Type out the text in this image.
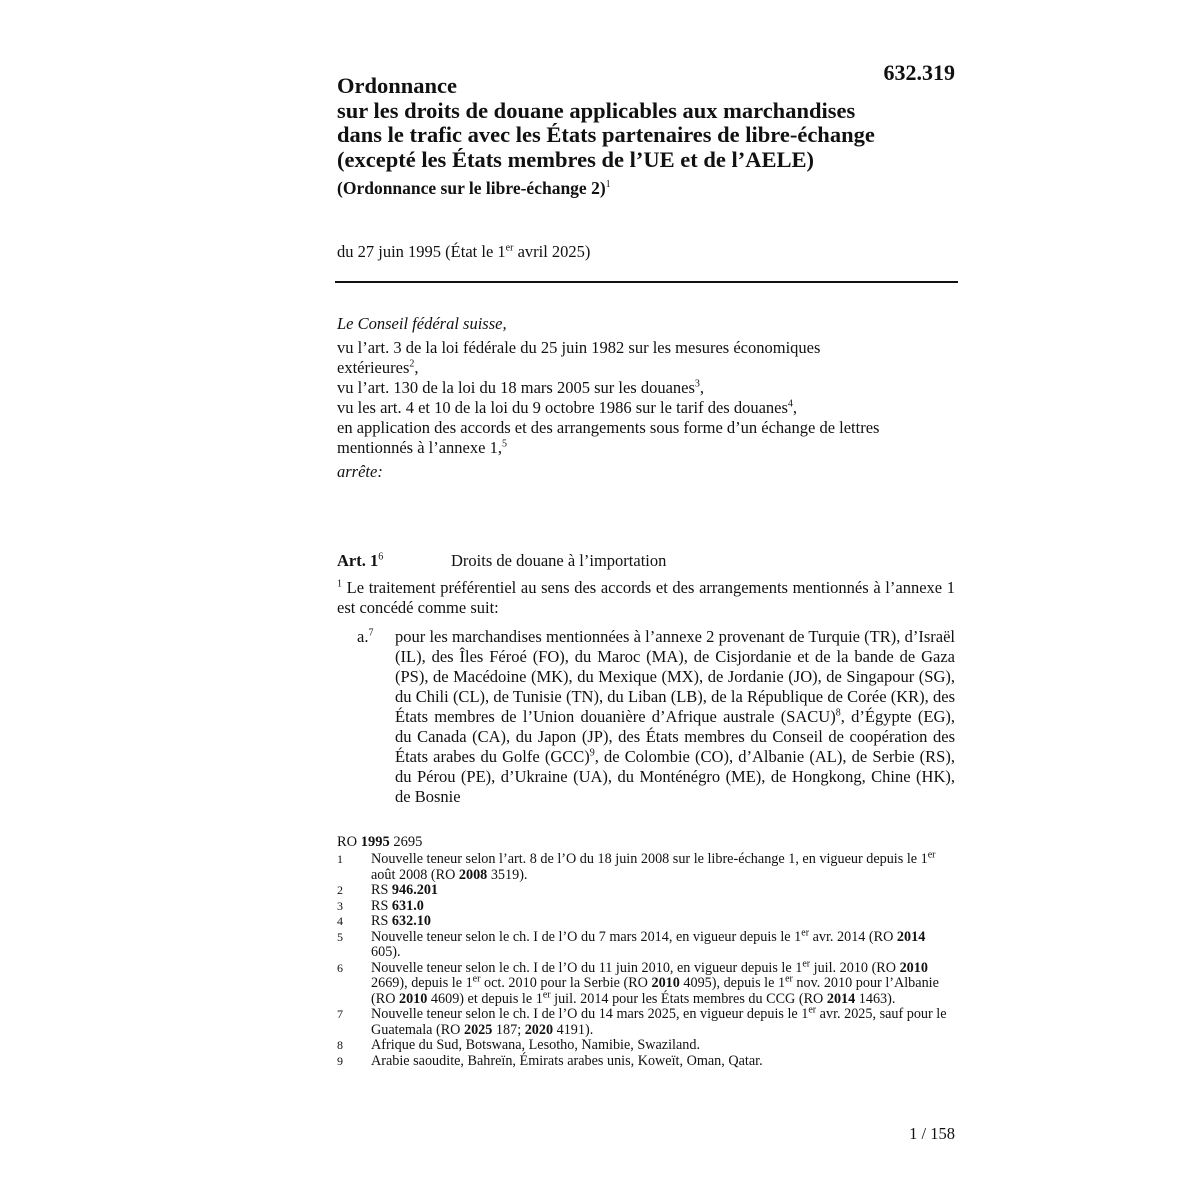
632.319
Ordonnance
sur les droits de douane applicables aux marchandises
dans le trafic avec les États partenaires de libre-échange
(excepté les États membres de l’UE et de l’AELE)
(Ordonnance sur le libre-échange 2)$^1$
du 27 juin 1995 (État le 1er avril 2025)
Le Conseil fédéral suisse,
vu l’art. 3 de la loi fédérale du 25 juin 1982 sur les mesures économiques
extérieures$^2$,
vu l’art. 130 de la loi du 18 mars 2005 sur les douanes$^3$,
vu les art. 4 et 10 de la loi du 9 octobre 1986 sur le tarif des douanes$^4$,
en application des accords et des arrangements sous forme d’un échange de lettres
mentionnés à l’annexe 1,$^5$
arrête:
Art. $1^6$	Droits de douane à l’importation
$^1$ Le traitement préférentiel au sens des accords et des arrangements mentionnés à l’annexe 1 est concédé comme suit:
a.$^7$	pour les marchandises mentionnées à l’annexe 2 provenant de Turquie (TR), d’Israël (IL), des Îles Féroé (FO), du Maroc (MA), de Cisjordanie et de la bande de Gaza (PS), de Macédoine (MK), du Mexique (MX), de Jordanie (JO), de Singapour (SG), du Chili (CL), de Tunisie (TN), du Liban (LB), de la République de Corée (KR), des États membres de l’Union douanière d’Afrique australe (SACU)$^8$, d’Égypte (EG), du Canada (CA), du Japon (JP), des États membres du Conseil de coopération des États arabes du Golfe (GCC)$^9$, de Colombie (CO), d’Albanie (AL), de Serbie (RS), du Pérou (PE), d’Ukraine (UA), du Monténégro (ME), de Hongkong, Chine (HK), de Bosnie
RO 1995 2695
1 Nouvelle teneur selon l’art. 8 de l’O du 18 juin 2008 sur le libre-échange 1, en vigueur depuis le 1er août 2008 (RO 2008 3519).
2 RS 946.201
3 RS 631.0
4 RS 632.10
5 Nouvelle teneur selon le ch. I de l’O du 7 mars 2014, en vigueur depuis le 1er avr. 2014 (RO 2014 605).
6 Nouvelle teneur selon le ch. I de l’O du 11 juin 2010, en vigueur depuis le 1er juil. 2010 (RO 2010 2669), depuis le 1er oct. 2010 pour la Serbie (RO 2010 4095), depuis le 1er nov. 2010 pour l’Albanie (RO 2010 4609) et depuis le 1er juil. 2014 pour les États membres du CCG (RO 2014 1463).
7 Nouvelle teneur selon le ch. I de l’O du 14 mars 2025, en vigueur depuis le 1er avr. 2025, sauf pour le Guatemala (RO 2025 187; 2020 4191).
8 Afrique du Sud, Botswana, Lesotho, Namibie, Swaziland.
9 Arabie saoudite, Bahreïn, Émirats arabes unis, Koweït, Oman, Qatar.
1 / 158
